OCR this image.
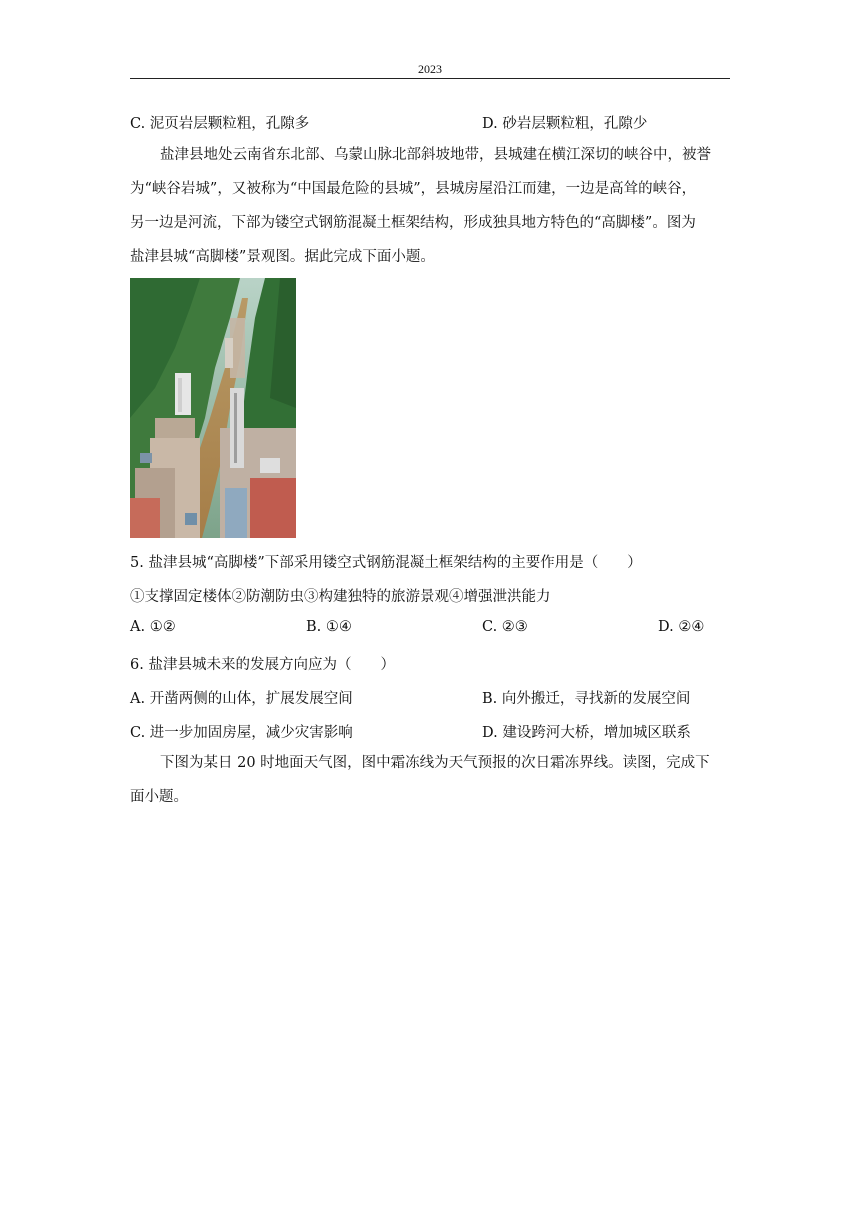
2023
C. 泥页岩层颗粒粗，孔隙多	D. 砂岩层颗粒粗，孔隙少

盐津县地处云南省东北部、乌蒙山脉北部斜坡地带，县城建在横江深切的峡谷中，被誉

为“峡谷岩城”，又被称为“中国最危险的县城”，县城房屋沿江而建，一边是高耸的峡谷，

另一边是河流，下部为镂空式钢筋混凝土框架结构，形成独具地方特色的“高脚楼”。图为

盐津县城“高脚楼”景观图。据此完成下面小题。

5. 盐津县城“高脚楼”下部采用镂空式钢筋混凝土框架结构的主要作用是（　　）
①支撑固定楼体②防潮防虫③构建独特的旅游景观④增强泄洪能力
A. ①②	B. ①④	C. ②③	D. ②④
6. 盐津县城未来的发展方向应为（　　）
A. 开凿两侧的山体，扩展发展空间	B. 向外搬迁，寻找新的发展空间
C. 进一步加固房屋，减少灾害影响	D. 建设跨河大桥，增加城区联系

下图为某日 20 时地面天气图，图中霜冻线为天气预报的次日霜冻界线。读图，完成下

面小题。
